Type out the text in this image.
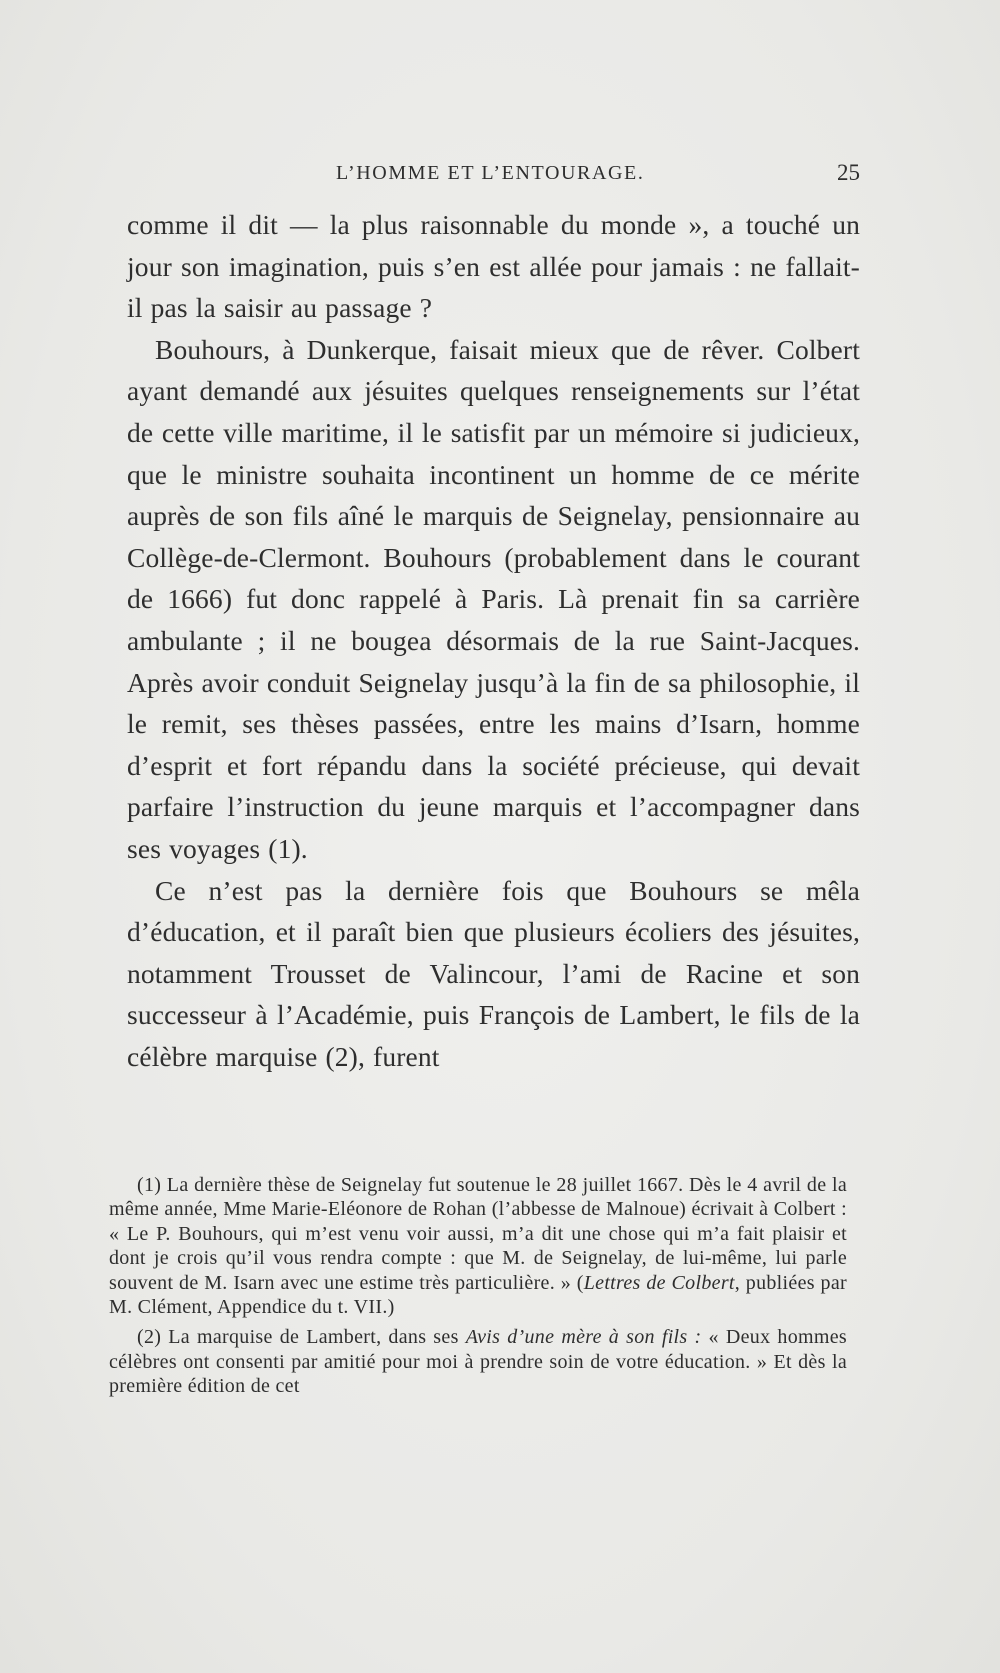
L’HOMME ET L’ENTOURAGE.	25

comme il dit — la plus raisonnable du monde », a touché un jour son imagination, puis s’en est allée pour jamais : ne fallait-il pas la saisir au passage ?

Bouhours, à Dunkerque, faisait mieux que de rêver. Colbert ayant demandé aux jésuites quelques renseignements sur l’état de cette ville maritime, il le satisfit par un mémoire si judicieux, que le ministre souhaita incontinent un homme de ce mérite auprès de son fils aîné le marquis de Seignelay, pensionnaire au Collège-de-Clermont. Bouhours (probablement dans le courant de 1666) fut donc rappelé à Paris. Là prenait fin sa carrière ambulante ; il ne bougea désormais de la rue Saint-Jacques. Après avoir conduit Seignelay jusqu’à la fin de sa philosophie, il le remit, ses thèses passées, entre les mains d’Isarn, homme d’esprit et fort répandu dans la société précieuse, qui devait parfaire l’instruction du jeune marquis et l’accompagner dans ses voyages (1).

Ce n’est pas la dernière fois que Bouhours se mêla d’éducation, et il paraît bien que plusieurs écoliers des jésuites, notamment Trousset de Valincour, l’ami de Racine et son successeur à l’Académie, puis François de Lambert, le fils de la célèbre marquise (2), furent

(1) La dernière thèse de Seignelay fut soutenue le 28 juillet 1667. Dès le 4 avril de la même année, Mme Marie-Eléonore de Rohan (l’abbesse de Malnoue) écrivait à Colbert : « Le P. Bouhours, qui m’est venu voir aussi, m’a dit une chose qui m’a fait plaisir et dont je crois qu’il vous rendra compte : que M. de Seignelay, de lui-même, lui parle souvent de M. Isarn avec une estime très particulière. » (Lettres de Colbert, publiées par M. Clément, Appendice du t. VII.)

(2) La marquise de Lambert, dans ses Avis d’une mère à son fils : « Deux hommes célèbres ont consenti par amitié pour moi à prendre soin de votre éducation. » Et dès la première édition de cet
